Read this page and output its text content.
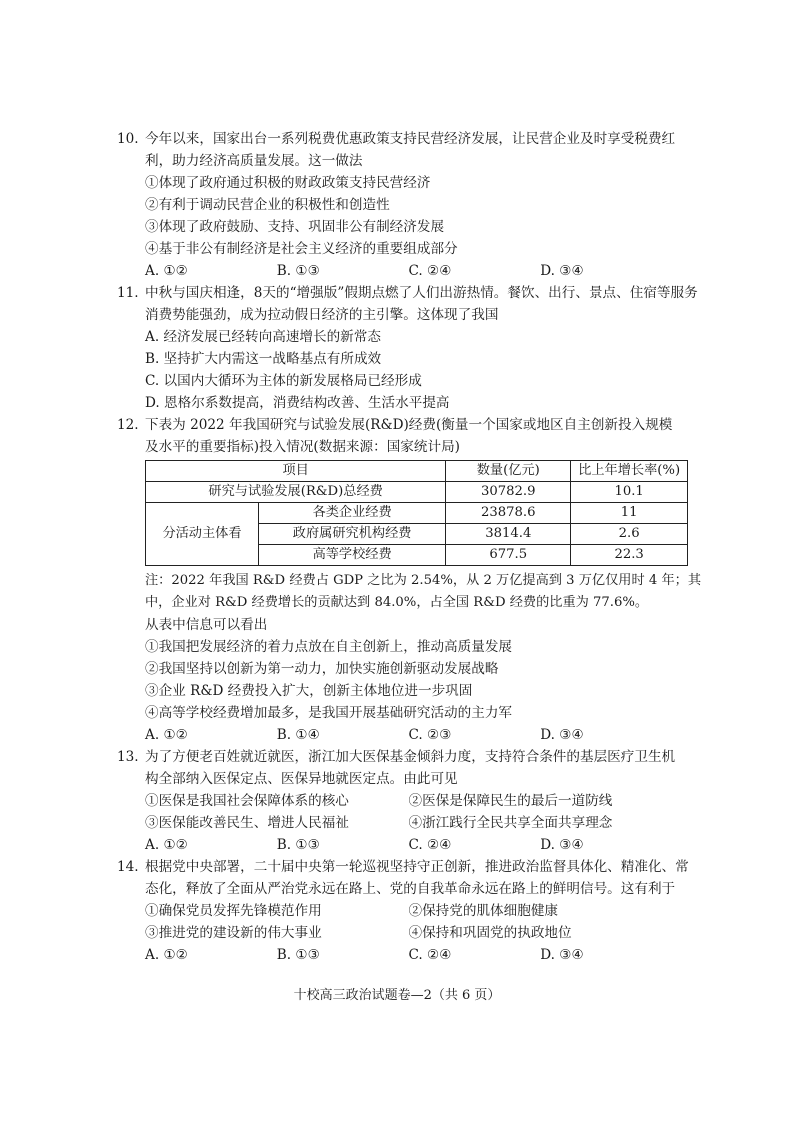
10. 今年以来，国家出台一系列税费优惠政策支持民营经济发展，让民营企业及时享受税费红
利，助力经济高质量发展。这一做法
①体现了政府通过积极的财政政策支持民营经济
②有利于调动民营企业的积极性和创造性
③体现了政府鼓励、支持、巩固非公有制经济发展
④基于非公有制经济是社会主义经济的重要组成部分
A. ①②	B. ①③	C. ②④	D. ③④
11. 中秋与国庆相逢，8天的“增强版”假期点燃了人们出游热情。餐饮、出行、景点、住宿等服务
消费势能强劲，成为拉动假日经济的主引擎。这体现了我国
A. 经济发展已经转向高速增长的新常态
B. 坚持扩大内需这一战略基点有所成效
C. 以国内大循环为主体的新发展格局已经形成
D. 恩格尔系数提高，消费结构改善、生活水平提高
12. 下表为 2022 年我国研究与试验发展(R&D)经费(衡量一个国家或地区自主创新投入规模
及水平的重要指标)投入情况(数据来源：国家统计局)
项目		数量(亿元)	比上年增长率(%)
研究与试验发展(R&D)总经费		30782.9	10.1
分活动主体看	各类企业经费	23878.6	11
	政府属研究机构经费	3814.4	2.6
	高等学校经费	677.5	22.3
注：2022 年我国 R&D 经费占 GDP 之比为 2.54%，从 2 万亿提高到 3 万亿仅用时 4 年；其
中，企业对 R&D 经费增长的贡献达到 84.0%，占全国 R&D 经费的比重为 77.6%。
从表中信息可以看出
①我国把发展经济的着力点放在自主创新上，推动高质量发展
②我国坚持以创新为第一动力，加快实施创新驱动发展战略
③企业 R&D 经费投入扩大，创新主体地位进一步巩固
④高等学校经费增加最多，是我国开展基础研究活动的主力军
A. ①②	B. ①④	C. ②③	D. ③④
13. 为了方便老百姓就近就医，浙江加大医保基金倾斜力度，支持符合条件的基层医疗卫生机
构全部纳入医保定点、医保异地就医定点。由此可见
①医保是我国社会保障体系的核心	②医保是保障民生的最后一道防线
③医保能改善民生、增进人民福祉	④浙江践行全民共享全面共享理念
A. ①②	B. ①③	C. ②④	D. ③④
14. 根据党中央部署，二十届中央第一轮巡视坚持守正创新，推进政治监督具体化、精准化、常
态化，释放了全面从严治党永远在路上、党的自我革命永远在路上的鲜明信号。这有利于
①确保党员发挥先锋模范作用	②保持党的肌体细胞健康
③推进党的建设新的伟大事业	④保持和巩固党的执政地位
A. ①②	B. ①③	C. ②④	D. ③④
十校高三政治试题卷—2（共 6 页）
